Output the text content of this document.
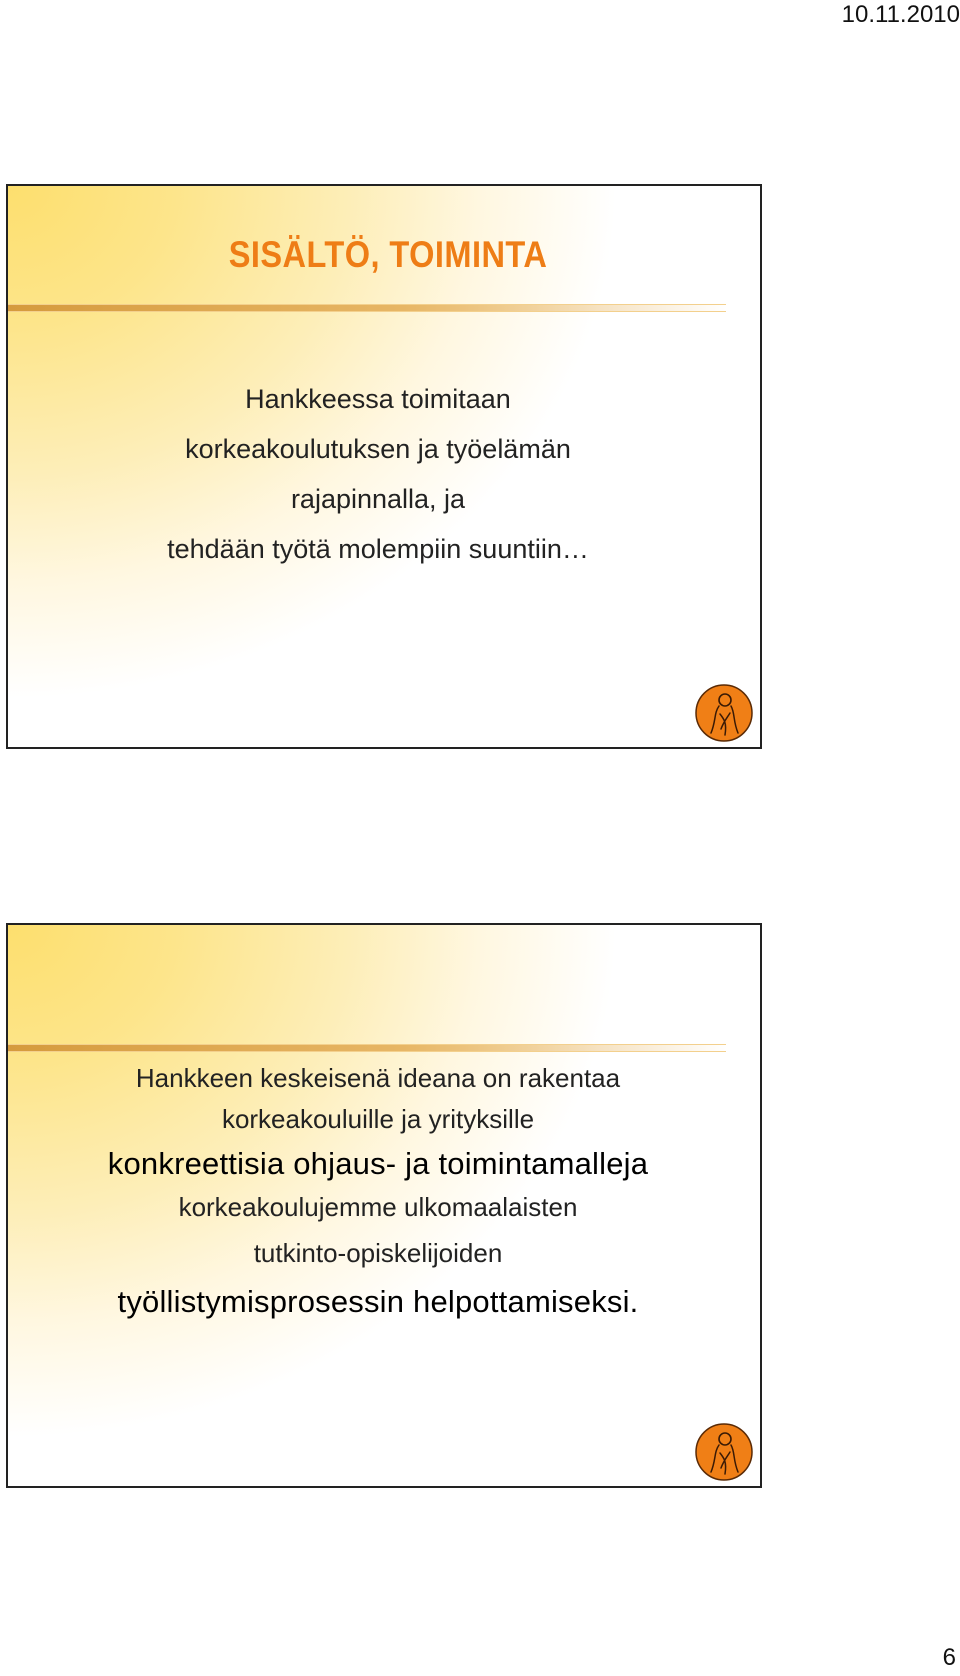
10.11.2010
SISÄLTÖ, TOIMINTA
Hankkeessa toimitaan
korkeakoulutuksen ja työelämän
rajapinnalla, ja
tehdään työtä molempiin suuntiin…
Hankkeen keskeisenä ideana on rakentaa
korkeakouluille ja yrityksille
konkreettisia ohjaus- ja toimintamalleja
korkeakoulujemme ulkomaalaisten
tutkinto-opiskelijoiden
työllistymisprosessin helpottamiseksi.
6
